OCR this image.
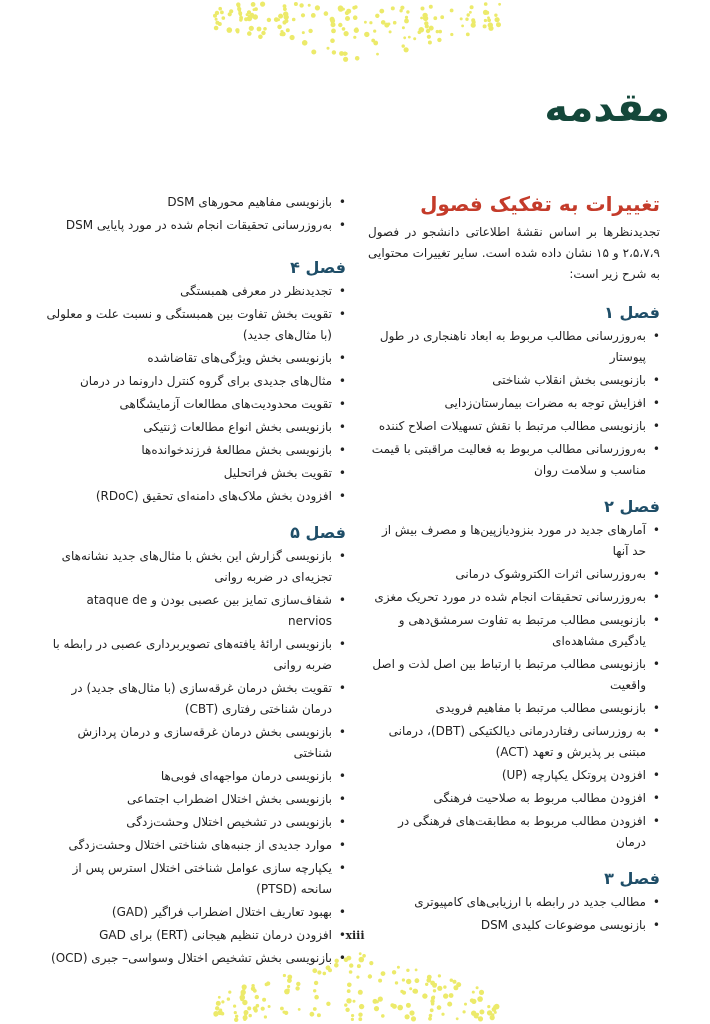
مقدمه
تغییرات به تفکیک فصول

تجدیدنظرها بر اساس نقشهٔ اطلاعاتی دانشجو در فصول ۲،۵،۷،۹ و ۱۵ نشان داده شده است. سایر تغییرات محتوایی به شرح زیر است:

فصل ۱
• به‌روزرسانی مطالب مربوط به ابعاد ناهنجاری در طول پیوستار
• بازنویسی بخش انقلاب شناختی
• افزایش توجه به مضرات بیمارستان‌زدایی
• بازنویسی مطالب مرتبط با نقش تسهیلات اصلاح کننده
• به‌روزرسانی مطالب مربوط به فعالیت مراقبتی با قیمت مناسب و سلامت روان
فصل ۲
• آمارهای جدید در مورد بنزودیازپین‌ها و مصرف بیش از حد آنها
• به‌روزرسانی اثرات الکتروشوک درمانی
• به‌روزرسانی تحقیقات انجام شده در مورد تحریک مغزی
• بازنویسی مطالب مرتبط به تفاوت سرمشق‌دهی و یادگیری مشاهده‌ای
• بازنویسی مطالب مرتبط با ارتباط بین اصل لذت و اصل واقعیت
• بازنویسی مطالب مرتبط با مفاهیم فرویدی
• به روزرسانی رفتاردرمانی دیالکتیکی (DBT)، درمانی مبتنی بر پذیرش و تعهد (ACT)
• افزودن پروتکل یکپارچه (UP)
• افزودن مطالب مربوط به صلاحیت فرهنگی
• افزودن مطالب مربوط به مطابقت‌های فرهنگی در درمان
فصل ۳
• مطالب جدید در رابطه با ارزیابی‌های کامپیوتری
• بازنویسی موضوعات کلیدی DSM
• بازنویسی مفاهیم محورهای DSM
• به‌روزرسانی تحقیقات انجام شده در مورد پایایی DSM
فصل ۴
• تجدیدنظر در معرفی همبستگی
• تقویت بخش تفاوت بین همبستگی و نسبت علت و معلولی (با مثال‌های جدید)
• بازنویسی بخش ویژگی‌های تقاضاشده
• مثال‌های جدیدی برای گروه کنترل دارونما در درمان
• تقویت محدودیت‌های مطالعات آزمایشگاهی
• بازنویسی بخش انواع مطالعات ژنتیکی
• بازنویسی بخش مطالعهٔ فرزندخوانده‌ها
• تقویت بخش فراتحلیل
• افزودن بخش ملاک‌های دامنه‌ای تحقیق (RDoC)
فصل ۵
• بازنویسی گزارش این بخش با مثال‌های جدید نشانه‌های تجزیه‌ای در ضربه روانی
• شفاف‌سازی تمایز بین عصبی بودن و ataque de nervios
• بازنویسی ارائهٔ یافته‌های تصویربرداری عصبی در رابطه با ضربه روانی
• تقویت بخش درمان غرقه‌سازی (با مثال‌های جدید) در درمان شناختی رفتاری (CBT)
• بازنویسی بخش درمان غرقه‌سازی و درمان پردازش شناختی
• بازنویسی درمان مواجهه‌ای فوبی‌ها
• بازنویسی بخش اختلال اضطراب اجتماعی
• بازنویسی در تشخیص اختلال وحشت‌زدگی
• موارد جدیدی از جنبه‌های شناختی اختلال وحشت‌زدگی
• یکپارچه سازی عوامل شناختی اختلال استرس پس از سانحه (PTSD)
• بهبود تعاریف اختلال اضطراب فراگیر (GAD)
• افزودن درمان تنظیم هیجانی (ERT) برای GAD
• بازنویسی بخش تشخیص اختلال وسواسی– جبری (OCD)
xiii
